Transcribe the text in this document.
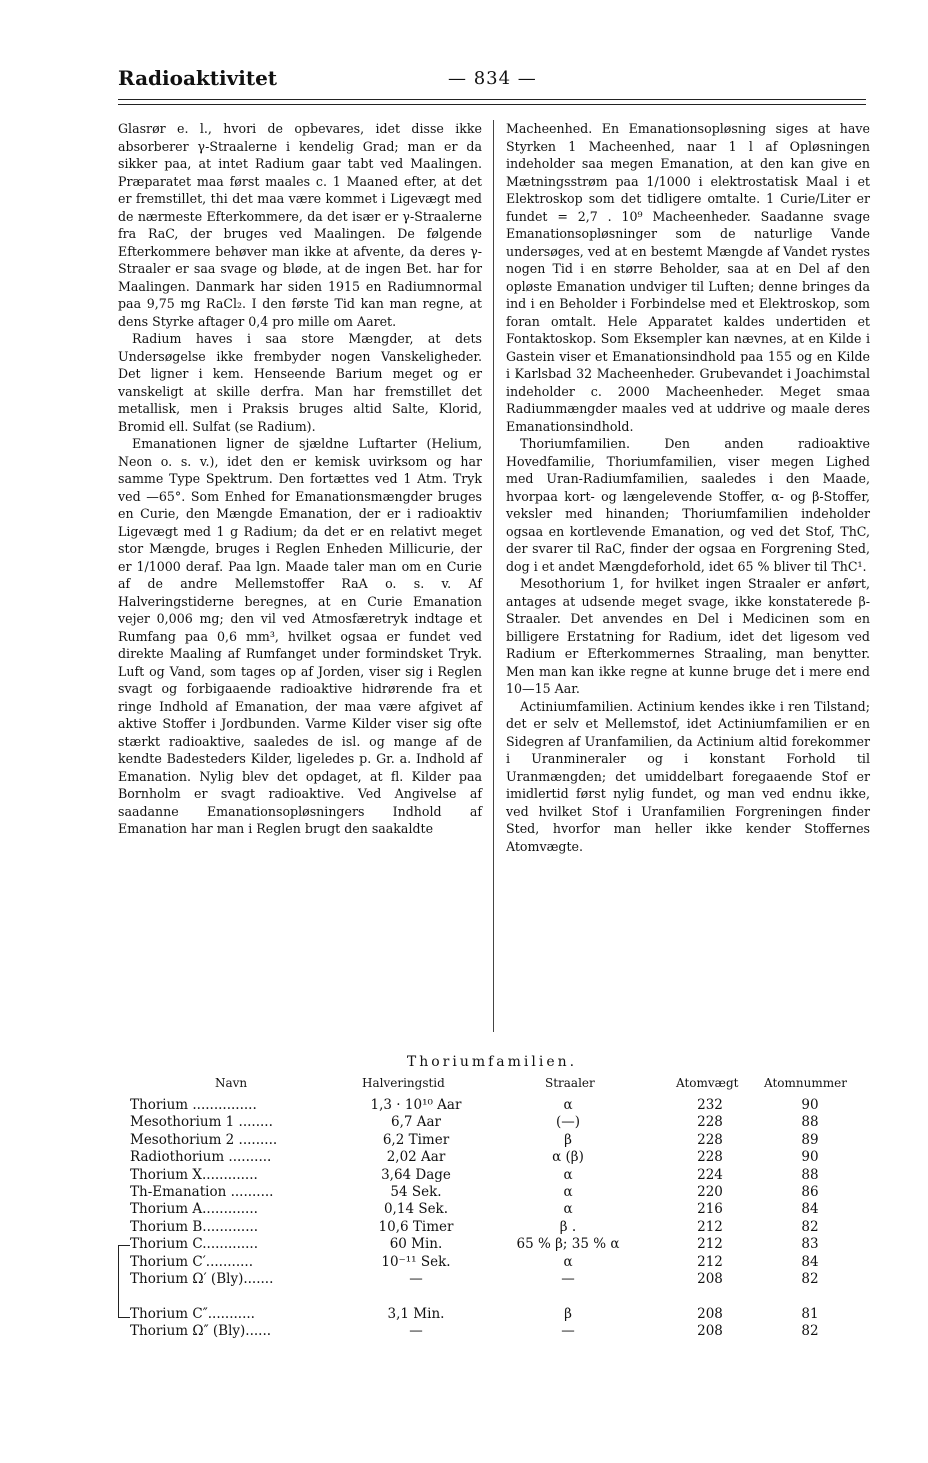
Radioaktivitet	— 834 —

Glasrør e. l., hvori de opbevares, idet disse ikke absorberer γ-Straalerne i kendelig Grad; man er da sikker paa, at intet Radium gaar tabt ved Maalingen. Præparatet maa først maales c. 1 Maaned efter, at det er fremstillet, thi det maa være kommet i Ligevægt med de nærmeste Efterkommere, da det især er γ-Straalerne fra RaC, der bruges ved Maalingen. De følgende Efterkommere behøver man ikke at afvente, da deres γ-Straaler er saa svage og bløde, at de ingen Bet. har for Maalingen. Danmark har siden 1915 en Radiumnormal paa 9,75 mg RaCl₂. I den første Tid kan man regne, at dens Styrke aftager 0,4 pro mille om Aaret.

Radium haves i saa store Mængder, at dets Undersøgelse ikke frembyder nogen Vanskeligheder. Det ligner i kem. Henseende Barium meget og er vanskeligt at skille derfra. Man har fremstillet det metallisk, men i Praksis bruges altid Salte, Klorid, Bromid ell. Sulfat (se Radium).

Emanationen ligner de sjældne Luftarter (Helium, Neon o. s. v.), idet den er kemisk uvirksom og har samme Type Spektrum. Den fortættes ved 1 Atm. Tryk ved —65°. Som Enhed for Emanationsmængder bruges en Curie, den Mængde Emanation, der er i radioaktiv Ligevægt med 1 g Radium; da det er en relativt meget stor Mængde, bruges i Reglen Enheden Millicurie, der er 1/1000 deraf. Paa lgn. Maade taler man om en Curie af de andre Mellemstoffer RaA o. s. v. Af Halveringstiderne beregnes, at en Curie Emanation vejer 0,006 mg; den vil ved Atmosfæretryk indtage et Rumfang paa 0,6 mm³, hvilket ogsaa er fundet ved direkte Maaling af Rumfanget under formindsket Tryk. Luft og Vand, som tages op af Jorden, viser sig i Reglen svagt og forbigaaende radioaktive hidrørende fra et ringe Indhold af Emanation, der maa være afgivet af aktive Stoffer i Jordbunden. Varme Kilder viser sig ofte stærkt radioaktive, saaledes de isl. og mange af de kendte Badesteders Kilder, ligeledes p. Gr. a. Indhold af Emanation. Nylig blev det opdaget, at fl. Kilder paa Bornholm er svagt radioaktive. Ved Angivelse af saadanne Emanationsopløsningers Indhold af Emanation har man i Reglen brugt den saakaldte

Macheenhed. En Emanationsopløsning siges at have Styrken 1 Macheenhed, naar 1 l af Opløsningen indeholder saa megen Emanation, at den kan give en Mætningsstrøm paa 1/1000 i elektrostatisk Maal i et Elektroskop som det tidligere omtalte. 1 Curie/Liter er fundet = 2,7 . 10⁹ Macheenheder. Saadanne svage Emanationsopløsninger som de naturlige Vande undersøges, ved at en bestemt Mængde af Vandet rystes nogen Tid i en større Beholder, saa at en Del af den opløste Emanation undviger til Luften; denne bringes da ind i en Beholder i Forbindelse med et Elektroskop, som foran omtalt. Hele Apparatet kaldes undertiden et Fontaktoskop. Som Eksempler kan nævnes, at en Kilde i Gastein viser et Emanationsindhold paa 155 og en Kilde i Karlsbad 32 Macheenheder. Grubevandet i Joachimstal indeholder c. 2000 Macheenheder. Meget smaa Radiummængder maales ved at uddrive og maale deres Emanationsindhold.

Thoriumfamilien. Den anden radioaktive Hovedfamilie, Thoriumfamilien, viser megen Lighed med Uran-Radiumfamilien, saaledes i den Maade, hvorpaa kort- og længelevende Stoffer, α- og β-Stoffer, veksler med hinanden; Thoriumfamilien indeholder ogsaa en kortlevende Emanation, og ved det Stof, ThC, der svarer til RaC, finder der ogsaa en Forgrening Sted, dog i et andet Mængdeforhold, idet 65 % bliver til ThC¹.

Mesothorium 1, for hvilket ingen Straaler er anført, antages at udsende meget svage, ikke konstaterede β-Straaler. Det anvendes en Del i Medicinen som en billigere Erstatning for Radium, idet det ligesom ved Radium er Efterkommernes Straaling, man benytter. Men man kan ikke regne at kunne bruge det i mere end 10—15 Aar.

Actiniumfamilien. Actinium kendes ikke i ren Tilstand; det er selv et Mellemstof, idet Actiniumfamilien er en Sidegren af Uranfamilien, da Actinium altid forekommer i Uranmineraler og i konstant Forhold til Uranmængden; det umiddelbart foregaaende Stof er imidlertid først nylig fundet, og man ved endnu ikke, ved hvilket Stof i Uranfamilien Forgreningen finder Sted, hvorfor man heller ikke kender Stoffernes Atomvægte.

Thoriumfamilien.
Navn	Halveringstid	Straaler	Atomvægt Atomnummer
Thorium ...............	1,3 · 10¹⁰ Aar	α	232	90
Mesothorium 1 ........	6,7 Aar	(—)	228	88
Mesothorium 2 .........	6,2 Timer	β	228	89
Radiothorium ..........	2,02 Aar	α (β)	228	90
Thorium X.............	3,64 Dage	α	224	88
Th-Emanation ..........	54 Sek.	α	220	86
Thorium A.............	0,14 Sek.	α	216	84
Thorium B.............	10,6 Timer	β .	212	82
Thorium C.............	60 Min.	65 % β; 35 % α	212	83
Thorium C′...........	10⁻¹¹ Sek.	α	212	84
Thorium Ω′ (Bly).......	—	—	208	82
Thorium C″...........	3,1 Min.	β	208	81
Thorium Ω″ (Bly)......	—	—	208	82
